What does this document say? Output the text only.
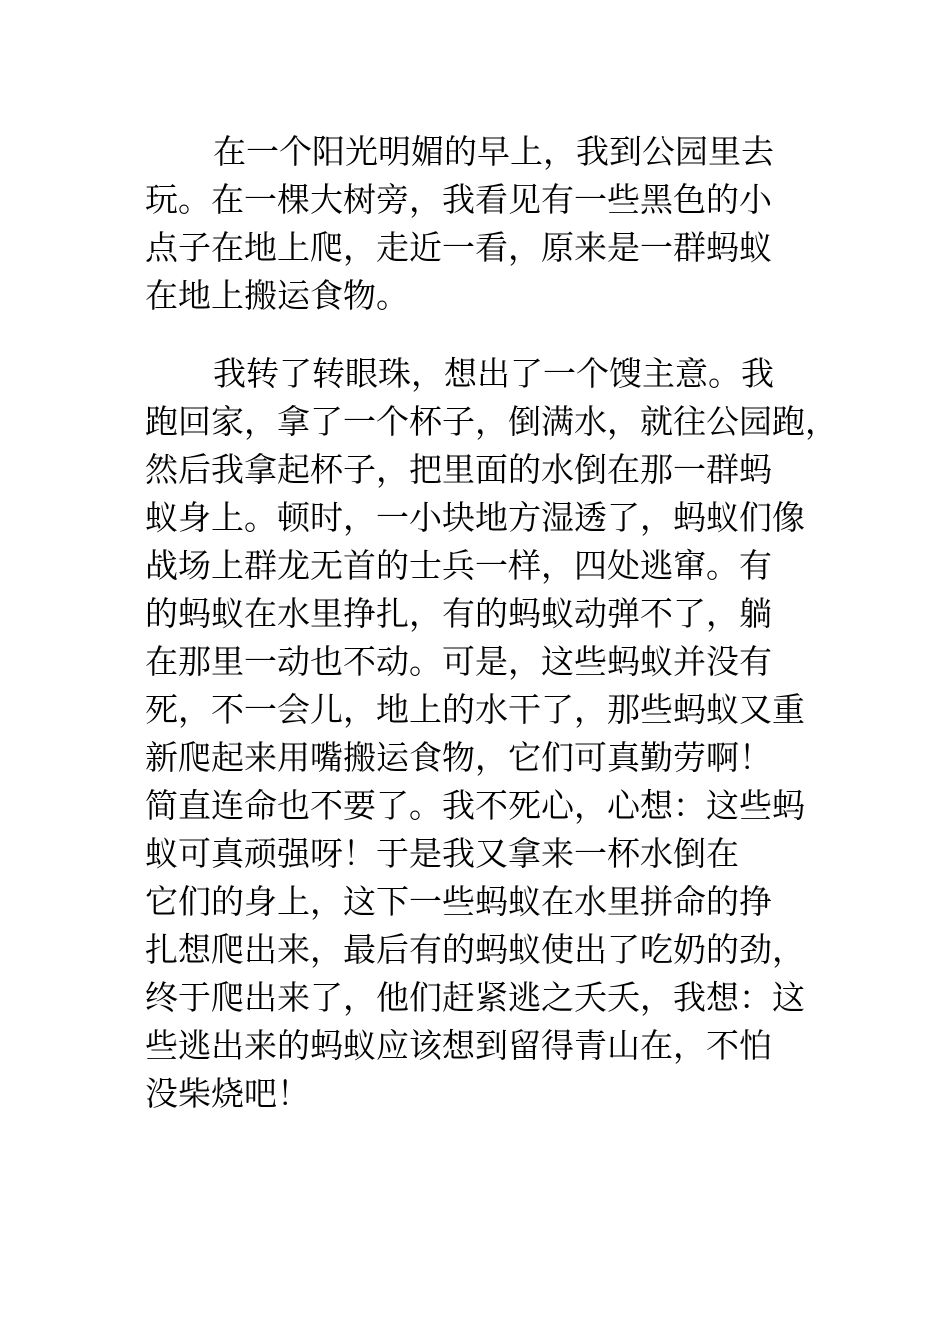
在一个阳光明媚的早上，我到公园里去
玩。在一棵大树旁，我看见有一些黑色的小
点子在地上爬，走近一看，原来是一群蚂蚁
在地上搬运食物。
我转了转眼珠，想出了一个馊主意。我
跑回家，拿了一个杯子，倒满水，就往公园跑，
然后我拿起杯子，把里面的水倒在那一群蚂
蚁身上。顿时，一小块地方湿透了，蚂蚁们像
战场上群龙无首的士兵一样，四处逃窜。有
的蚂蚁在水里挣扎，有的蚂蚁动弹不了，躺
在那里一动也不动。可是，这些蚂蚁并没有
死，不一会儿，地上的水干了，那些蚂蚁又重
新爬起来用嘴搬运食物，它们可真勤劳啊！
简直连命也不要了。我不死心，心想：这些蚂
蚁可真顽强呀！于是我又拿来一杯水倒在
它们的身上，这下一些蚂蚁在水里拼命的挣
扎想爬出来，最后有的蚂蚁使出了吃奶的劲，
终于爬出来了，他们赶紧逃之夭夭，我想：这
些逃出来的蚂蚁应该想到留得青山在，不怕
没柴烧吧！
